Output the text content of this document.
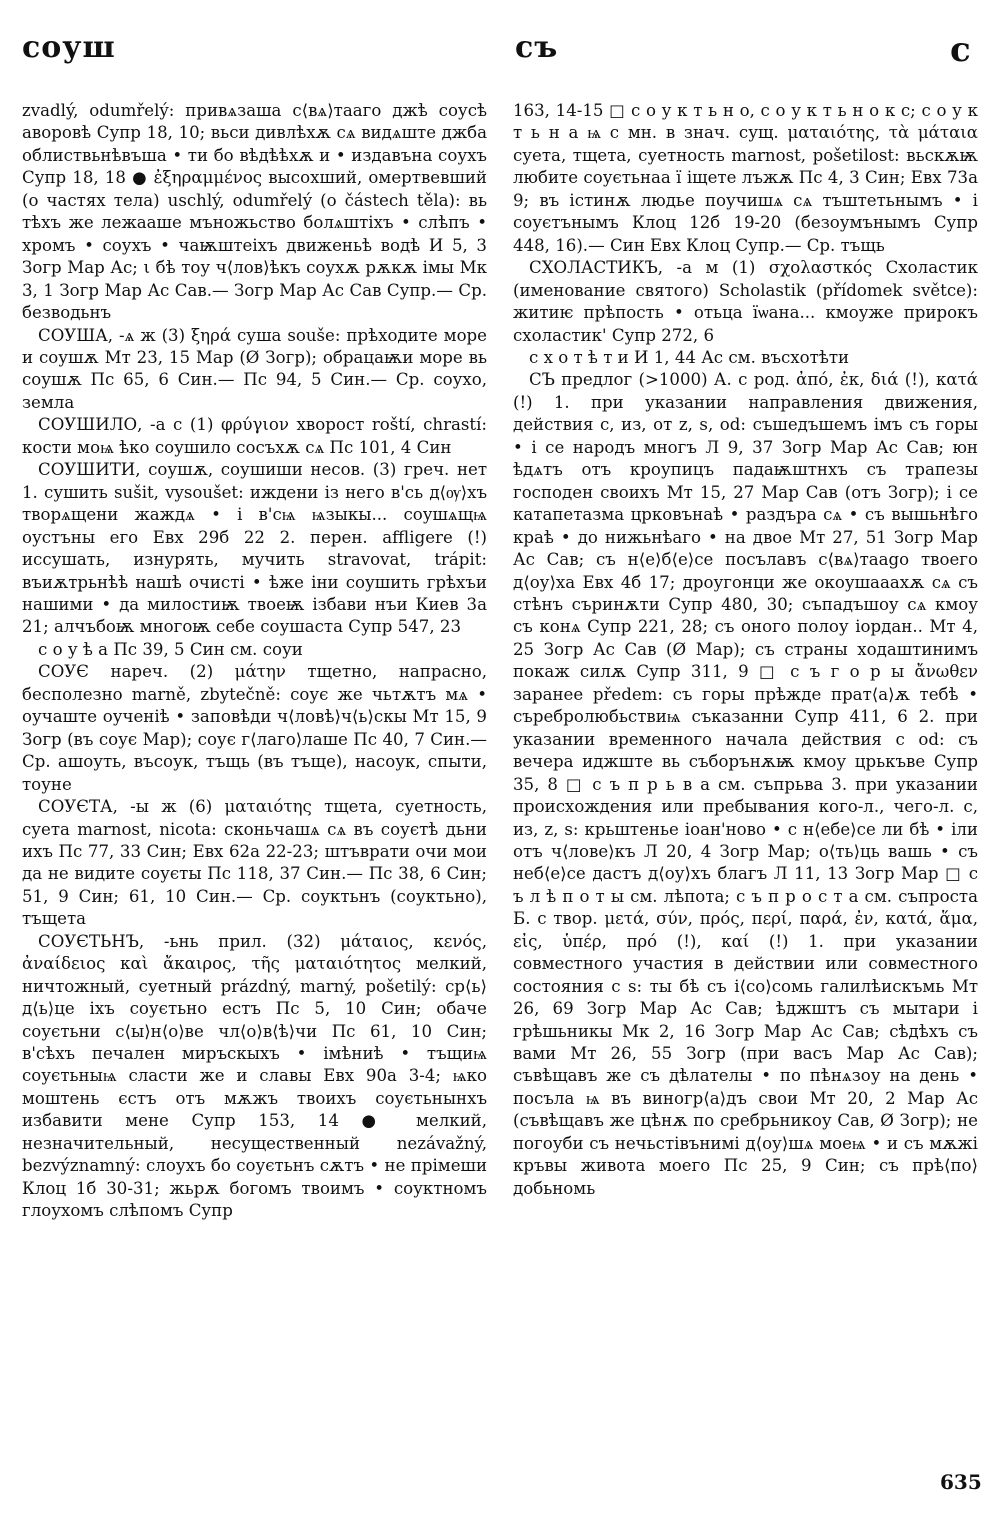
соуш	съ	с

zvadlý, odumřelý: привѧзаша с⟨вѧ⟩тааго джѣ соусѣ аворовѣ Супр 18, 10; вьси дивлѣхѫ сѧ видѧште джба облиствьнѣвъша • ти бо вѣдѣѣхѫ и • издавъна соухъ Супр 18, 18 ● ἐξηραμμένος высохший, омертвевший (о частях тела) uschlý, odumřelý (o částech těla): вь тѣхъ же лежааше мъножьство болѧштіхъ • слѣпъ • хромъ • соухъ • чаѭштеіхъ движеньѣ водѣ И 5, 3 Зогр Мар Ас; ι бѣ тоу ч⟨лов⟩ѣкъ соухѫ рѫкѫ імы Мк 3, 1 Зогр Мар Ас Сав.— Зогр Мар Ас Сав Супр.— Ср. безводьнъ

СОУША, -ѧ ж (3) ξηρά суша souše: прѣходите море и соушѫ Мт 23, 15 Мар (Ø Зогр); обрацаѭи море вь соушѫ Пс 65, 6 Син.— Пс 94, 5 Син.— Ср. соухо, земла

СОУШИЛО, -а с (1) φρύγιον хворост roští, chrastí: кости моѩ ѣко соушило сосъхѫ сѧ Пс 101, 4 Син

СОУШИТИ, соушѫ, соушиши несов. (3) греч. нет 1. сушить sušit, vysoušet: иждени із него в'сь д⟨ѹ⟩хъ творѧщени жаждѧ • і в'сѩ ѩзыкы... соушѧщѩ оустъны его Евх 29б 22 2. перен. affligere (!) иссушать, изнурять, мучить stravovat, trápit: въиѫтрьнѣѣ нашѣ очисті • ѣже іни соушить грѣхъи нашими • да милостиѭ твоеѭ ізбави нъи Киев 3а 21; алчъбоѭ многоѭ себе соушаста Супр 547, 23

с о у ѣ а Пс 39, 5 Син см. соуи

СОУЄ нареч. (2) μάτην тщетно, напрасно, бесполезно marně, zbytečně: соує же чьтѫтъ мѧ • оучаште оученіѣ • заповѣди ч⟨ловѣ⟩ч⟨ь⟩скы Мт 15, 9 Зогр (въ соує Мар); соує г⟨лаго⟩лаше Пс 40, 7 Син.— Ср. ашоуть, въсоук, тъщь (въ тъще), насоук, спыти, тоуне

СОУЄТА, -ы ж (6) ματαιότης тщета, суетность, суета marnost, nicota: сконьчашѧ сѧ въ соуєтѣ дьни ихъ Пс 77, 33 Син; Евх 62а 22-23; штъврати очи мои да не видите соуєты Пс 118, 37 Син.— Пс 38, 6 Син; 51, 9 Син; 61, 10 Син.— Ср. соуктьнъ (соуктьно), тъщета

СОУЄТЬНЪ, -ьнь прил. (32) μάταιος, κενός, ἀναίδειος καὶ ἄκαιρος, τῆς ματαιότητος мелкий, ничтожный, суетный prázdný, marný, pošetilý: ср⟨ь⟩д⟨ь⟩це іхъ соуєтьно естъ Пс 5, 10 Син; обаче соуєтьни с⟨ы⟩н⟨о⟩ве чл⟨о⟩в⟨ѣ⟩чи Пс 61, 10 Син; в'сѣхъ печален миръскыхъ • імѣниѣ • тъщиѩ соуєтьныѩ сласти же и славы Евх 90а 3-4; ѩко моштень єстъ отъ мѫжъ твоихъ соуєтьнынхъ избавити мене Супр 153, 14 ● мелкий, незначительный, несущественный nezávažný, bezvýznamný: слоухъ бо соуєтьнъ сѫтъ • не прімеши Клоц 1б 30-31; жьрѫ богомъ твоимъ • соуктномъ глоухомъ слѣпомъ Супр

163, 14-15 □ с о у к т ь н о, с о у к т ь н о к с; с о у к т ь н а ѩ с мн. в знач. сущ. ματαιότης, τὰ μάταια суета, тщета, суетность marnost, pošetilost: вьскѫѭ любите соуєтьнаа ї іщете лъжѫ Пс 4, 3 Син; Евх 73а 9; въ істинѫ людье поучишѧ сѧ тъштетьнымъ • і соуєтънымъ Клоц 12б 19-20 (безоумънымъ Супр 448, 16).— Син Евх Клоц Супр.— Ср. тъщь

СХОЛАСТИКЪ, -а м (1) σχολαστκός Схоластик (именование святого) Scholastik (přídomek světce): житиѥ прѣпость • отьца їѡана... кмоуже прирокъ схоластик' Супр 272, 6

с х о т ѣ т и И 1, 44 Ас см. въсхотѣти

СЪ предлог (>1000) А. с род. ἀπό, ἐκ, διά (!), κατά (!) 1. при указании направления движения, действия с, из, от z, s, od: съшедъшемъ імъ съ горы • і се народъ многъ Л 9, 37 Зогр Мар Ас Сав; юн ѣдѧтъ отъ кроупицъ падаѭштнхъ съ трапезы господен своихъ Мт 15, 27 Мар Сав (отъ Зогр); і се катапетазма црковънаѣ • раздъра сѧ • съ вышьнѣго краѣ • до нижьнѣаго • на двое Мт 27, 51 Зогр Мар Ас Сав; съ н⟨е⟩б⟨е⟩се посълавъ с⟨вѧ⟩таago твоего д⟨оу⟩ха Евх 4б 17; дроугонци же окоушааахѫ сѧ съ стѣнъ съринѫти Супр 480, 30; съпадъшоу сѧ кмоу съ конѧ Супр 221, 28; съ оного полоу іордан.. Мт 4, 25 Зогр Ас Сав (Ø Мар); съ страны ходаштинимъ покаж силѫ Супр 311, 9 □ с ъ г о р ы ἄνωθεν заранее předem: съ горы прѣжде прат⟨а⟩ѫ тебѣ • съребролюбьствиѩ съказанни Супр 411, 6 2. при указании временного начала действия с od: съ вечера иджште вь съборънѫѭ кмоу црькъве Супр 35, 8 □ с ъ п р ь в а см. съпрьва 3. при указании происхождения или пребывания кого-л., чего-л. с, из, z, s: крьштенье іоан'ново • с н⟨ебе⟩се ли бѣ • іли отъ ч⟨лове⟩къ Л 20, 4 Зогр Мар; о⟨ть⟩ць вашь • съ неб⟨е⟩се дастъ д⟨оу⟩хъ благъ Л 11, 13 Зогр Мар □ с ъ л ѣ п о т ы см. лѣпота; с ъ п р о с т а см. съпроста Б. с твор. μετά, σύν, πρός, περί, παρά, ἐν, κατά, ἅμα, εἰς, ὑπέρ, πρό (!), καί (!) 1. при указании совместного участия в действии или совместного состояния с s: ты бѣ съ і⟨со⟩сомь галилѣискъмь Мт 26, 69 Зогр Мар Ас Сав; ѣджштъ съ мытари і грѣшьникы Мк 2, 16 Зогр Мар Ас Сав; сѣдѣхъ съ вами Мт 26, 55 Зогр (при васъ Мар Ас Сав); съвѣщавъ же съ дѣлателы • по пѣнѧзоу на день • посъла ѩ въ виногр⟨а⟩дъ свои Мт 20, 2 Мар Ас (съвѣщавъ же цѣнѫ по сребрьникоу Сав, Ø Зогр); не погоуби съ нечьстівънимі д⟨оу⟩шѧ моеѩ • и съ мѫжі кръвы живота моего Пс 25, 9 Син; съ прѣ⟨по⟩добьномь

635
